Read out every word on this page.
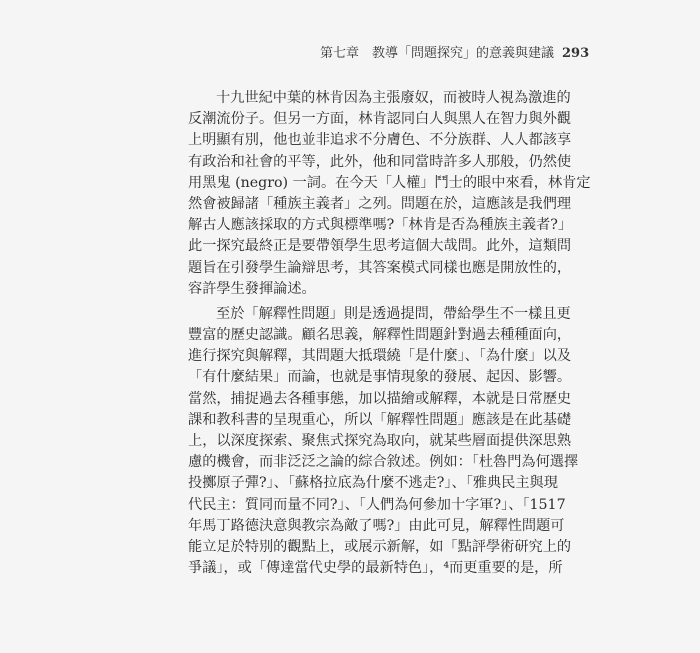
第七章　教導「問題探究」的意義與建議 293
十九世紀中葉的林肯因為主張廢奴，而被時人視為激進的
反潮流份子。但另一方面，林肯認同白人與黑人在智力與外觀
上明顯有別，他也並非追求不分膚色、不分族群、人人都該享
有政治和社會的平等，此外，他和同當時許多人那般，仍然使
用黑鬼 (negro) 一詞。在今天「人權」鬥士的眼中來看，林肯定
然會被歸諸「種族主義者」之列。問題在於，這應該是我們理
解古人應該採取的方式與標準嗎?「林肯是否為種族主義者?」
此一探究最終正是要帶領學生思考這個大哉問。此外，這類問
題旨在引發學生論辯思考，其答案模式同樣也應是開放性的，
容許學生發揮論述。
至於「解釋性問題」則是透過提問，帶給學生不一樣且更
豐富的歷史認識。顧名思義，解釋性問題針對過去種種面向，
進行探究與解釋，其問題大抵環繞「是什麼」、「為什麼」以及
「有什麼結果」而論，也就是事情現象的發展、起因、影響。
當然，捕捉過去各種事態，加以描繪或解釋，本就是日常歷史
課和教科書的呈現重心，所以「解釋性問題」應該是在此基礎
上，以深度探索、聚焦式探究為取向，就某些層面提供深思熟
慮的機會，而非泛泛之論的綜合敘述。例如：「杜魯門為何選擇
投擲原子彈?」、「蘇格拉底為什麼不逃走?」、「雅典民主與現
代民主：質同而量不同?」、「人們為何參加十字軍?」、「1517
年馬丁路德決意與教宗為敵了嗎?」由此可見，解釋性問題可
能立足於特別的觀點上，或展示新解，如「點評學術研究上的
爭議」，或「傳達當代史學的最新特色」，⁴而更重要的是，所
